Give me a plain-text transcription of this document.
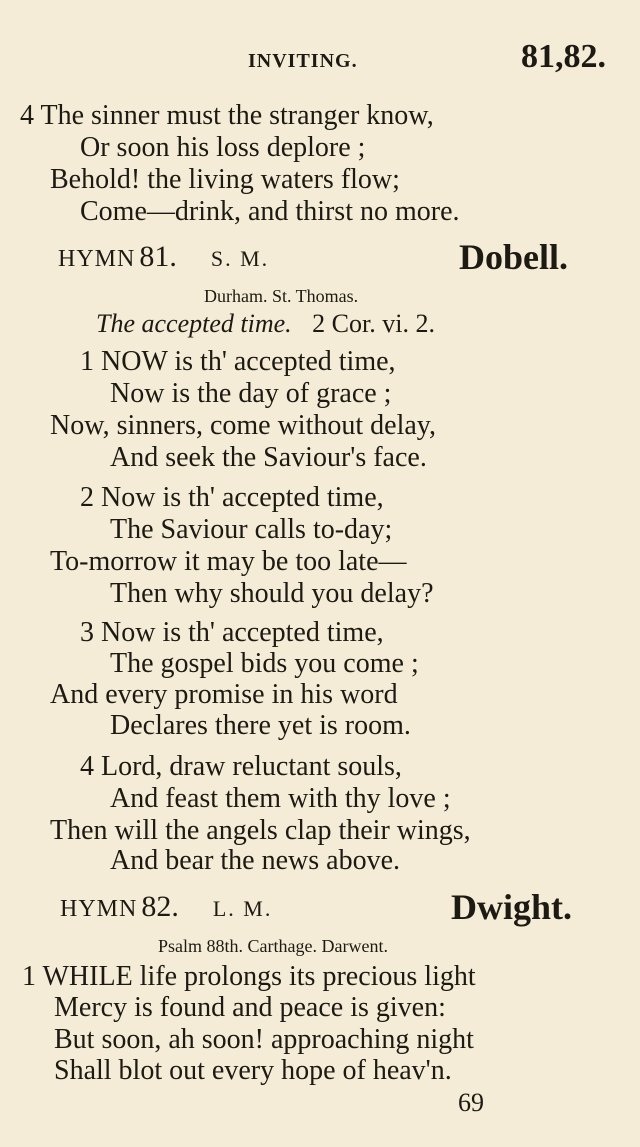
INVITING.	81,82.
4 The sinner must the stranger know,
Or soon his loss deplore ;
Behold! the living waters flow;
Come—drink, and thirst no more.
HYMN 81. S. M.	Dobell.
Durham. St. Thomas.
The accepted time. 2 Cor. vi. 2.
1 NOW is th' accepted time,
Now is the day of grace ;
Now, sinners, come without delay,
And seek the Saviour's face.
2 Now is th' accepted time,
The Saviour calls to-day;
To-morrow it may be too late—
Then why should you delay?
3 Now is th' accepted time,
The gospel bids you come ;
And every promise in his word
Declares there yet is room.
4 Lord, draw reluctant souls,
And feast them with thy love ;
Then will the angels clap their wings,
And bear the news above.
HYMN 82. L. M.	Dwight.
Psalm 88th. Carthage. Darwent.
1 WHILE life prolongs its precious light
Mercy is found and peace is given:
But soon, ah soon! approaching night
Shall blot out every hope of heav'n.
69
